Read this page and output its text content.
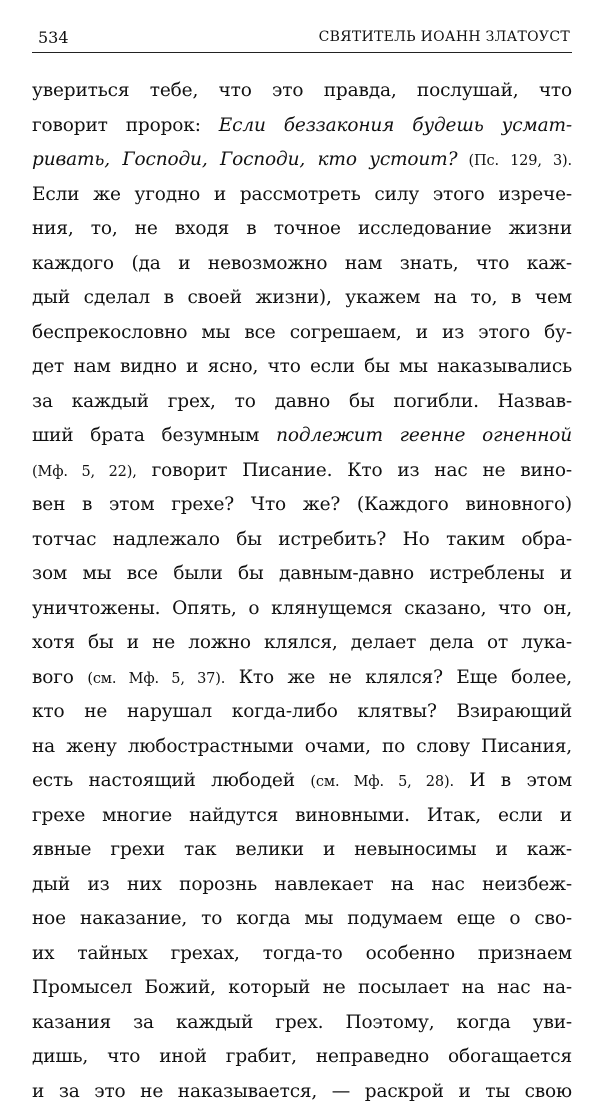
534	СВЯТИТЕЛЬ ИОАНН ЗЛАТОУСТ
увериться тебе, что это правда, послушай, что
говорит пророк: Если беззакония будешь усмат-
ривать, Господи, Господи, кто устоит? (Пс. 129, 3).
Если же угодно и рассмотреть силу этого изрече-
ния, то, не входя в точное исследование жизни
каждого (да и невозможно нам знать, что каж-
дый сделал в своей жизни), укажем на то, в чем
беспрекословно мы все согрешаем, и из этого бу-
дет нам видно и ясно, что если бы мы наказывались
за каждый грех, то давно бы погибли. Назвав-
ший брата безумным подлежит геенне огненной
(Мф. 5, 22), говорит Писание. Кто из нас не вино-
вен в этом грехе? Что же? (Каждого виновного)
тотчас надлежало бы истребить? Но таким обра-
зом мы все были бы давным-давно истреблены и
уничтожены. Опять, о клянущемся сказано, что он,
хотя бы и не ложно клялся, делает дела от лука-
вого (см. Мф. 5, 37). Кто же не клялся? Еще более,
кто не нарушал когда-либо клятвы? Взирающий
на жену любострастными очами, по слову Писания,
есть настоящий любодей (см. Мф. 5, 28). И в этом
грехе многие найдутся виновными. Итак, если и
явные грехи так велики и невыносимы и каж-
дый из них порознь навлекает на нас неизбеж-
ное наказание, то когда мы подумаем еще о сво-
их тайных грехах, тогда-то особенно признаем
Промысел Божий, который не посылает на нас на-
казания за каждый грех. Поэтому, когда уви-
дишь, что иной грабит, неправедно обогащается
и за это не наказывается, — раскрой и ты свою
